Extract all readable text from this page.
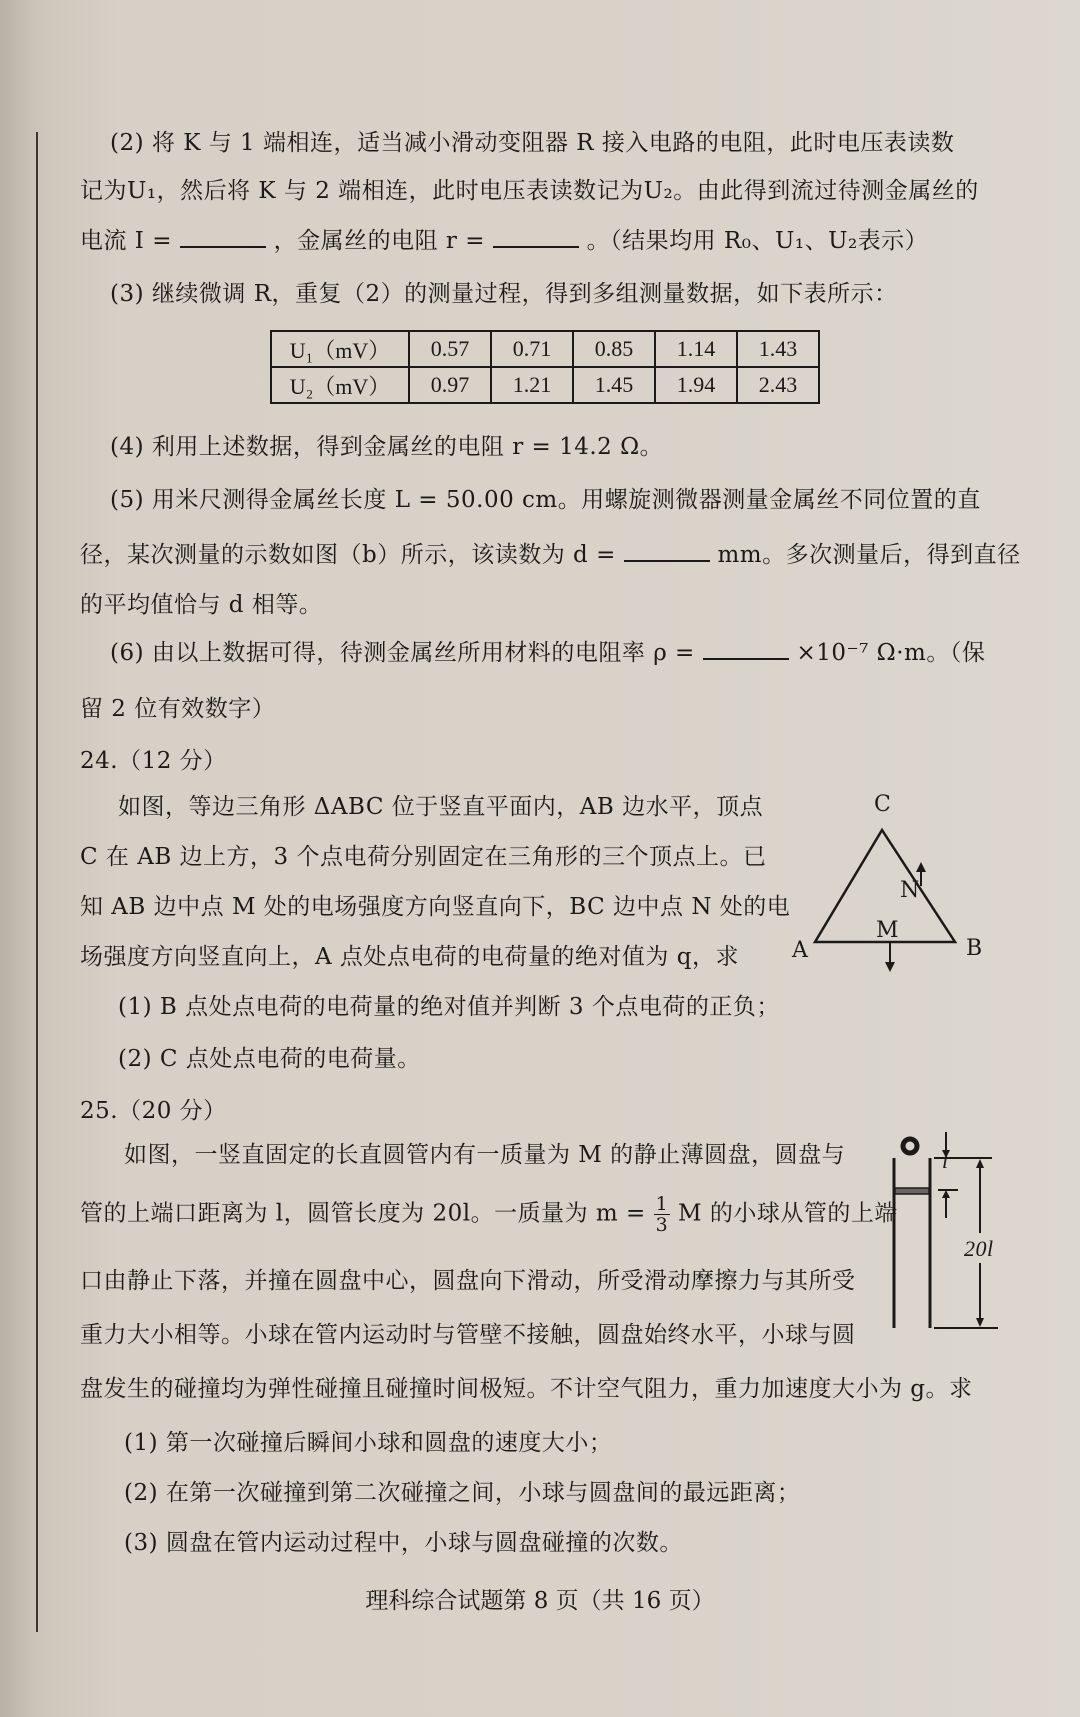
(2) 将 K 与 1 端相连，适当减小滑动变阻器 R 接入电路的电阻，此时电压表读数
记为U₁，然后将 K 与 2 端相连，此时电压表读数记为U₂。由此得到流过待测金属丝的
电流 I =	，金属丝的电阻 r =	。（结果均用 R₀、U₁、U₂表示）
(3) 继续微调 R，重复（2）的测量过程，得到多组测量数据，如下表所示：
U₁（mV）	0.57	0.71	0.85	1.14	1.43
U₂（mV）	0.97	1.21	1.45	1.94	2.43
(4) 利用上述数据，得到金属丝的电阻 r = 14.2 Ω。
(5) 用米尺测得金属丝长度 L = 50.00 cm。用螺旋测微器测量金属丝不同位置的直
径，某次测量的示数如图（b）所示，该读数为 d =	mm。多次测量后，得到直径
的平均值恰与 d 相等。
(6) 由以上数据可得，待测金属丝所用材料的电阻率 ρ =	×10⁻⁷ Ω·m。（保
留 2 位有效数字）
24.（12 分）
如图，等边三角形 ΔABC 位于竖直平面内，AB 边水平，顶点
C 在 AB 边上方，3 个点电荷分别固定在三角形的三个顶点上。已
知 AB 边中点 M 处的电场强度方向竖直向下，BC 边中点 N 处的电
场强度方向竖直向上，A 点处点电荷的电荷量的绝对值为 q，求
(1) B 点处点电荷的电荷量的绝对值并判断 3 个点电荷的正负；
(2) C 点处点电荷的电荷量。
C
A	B
M
N
25.（20 分）
如图，一竖直固定的长直圆管内有一质量为 M 的静止薄圆盘，圆盘与
管的上端口距离为 l，圆管长度为 20l。一质量为 $m = \frac{1}{3}$ M 的小球从管的上端
口由静止下落，并撞在圆盘中心，圆盘向下滑动，所受滑动摩擦力与其所受
重力大小相等。小球在管内运动时与管壁不接触，圆盘始终水平，小球与圆
盘发生的碰撞均为弹性碰撞且碰撞时间极短。不计空气阻力，重力加速度大小为 g。求
(1) 第一次碰撞后瞬间小球和圆盘的速度大小；
(2) 在第一次碰撞到第二次碰撞之间，小球与圆盘间的最远距离；
(3) 圆盘在管内运动过程中，小球与圆盘碰撞的次数。
l
20l
理科综合试题第 8 页（共 16 页）
